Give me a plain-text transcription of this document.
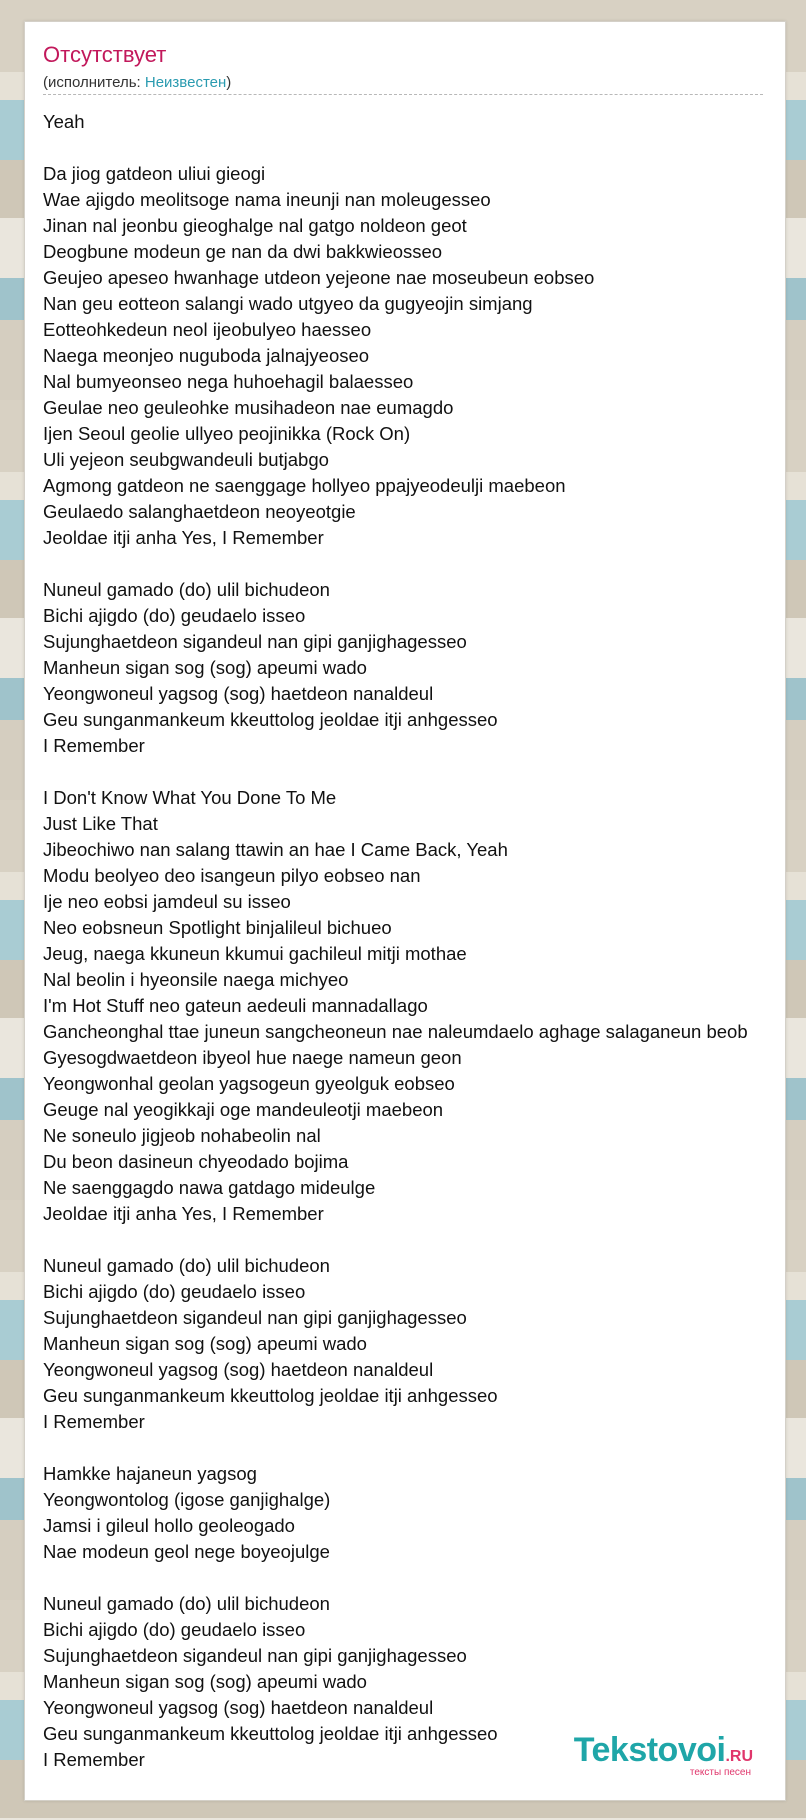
Отсутствует
(исполнитель: Неизвестен)
Yeah
Da jiog gatdeon uliui gieogi
Wae ajigdo meolitsoge nama ineunji nan moleugesseo
Jinan nal jeonbu gieoghalge nal gatgo noldeon geot
Deogbune modeun ge nan da dwi bakkwieosseo
Geujeo apeseo hwanhage utdeon yejeone nae moseubeun eobseo
Nan geu eotteon salangi wado utgyeo da gugyeojin simjang
Eotteohkedeun neol ijeobulyeo haesseo
Naega meonjeo nuguboda jalnajyeoseo
Nal bumyeonseo nega huhoehagil balaesseo
Geulae neo geuleohke musihadeon nae eumagdo
Ijen Seoul geolie ullyeo peojinikka (Rock On)
Uli yejeon seubgwandeuli butjabgo
Agmong gatdeon ne saenggage hollyeo ppajyeodeulji maebeon
Geulaedo salanghaetdeon neoyeotgie
Jeoldae itji anha Yes, I Remember
Nuneul gamado (do) ulil bichudeon
Bichi ajigdo (do) geudaelo isseo
Sujunghaetdeon sigandeul nan gipi ganjighagesseo
Manheun sigan sog (sog) apeumi wado
Yeongwoneul yagsog (sog) haetdeon nanaldeul
Geu sunganmankeum kkeuttolog jeoldae itji anhgesseo
I Remember
I Don't Know What You Done To Me
Just Like That
Jibeochiwo nan salang ttawin an hae I Came Back, Yeah
Modu beolyeo deo isangeun pilyo eobseo nan
Ije neo eobsi jamdeul su isseo
Neo eobsneun Spotlight binjalileul bichueo
Jeug, naega kkuneun kkumui gachileul mitji mothae
Nal beolin i hyeonsile naega michyeo
I'm Hot Stuff neo gateun aedeuli mannadallago
Gancheonghal ttae juneun sangcheoneun nae naleumdaelo aghage salaganeun beob
Gyesogdwaetdeon ibyeol hue naege nameun geon
Yeongwonhal geolan yagsogeun gyeolguk eobseo
Geuge nal yeogikkaji oge mandeuleotji maebeon
Ne soneulo jigjeob nohabeolin nal
Du beon dasineun chyeodado bojima
Ne saenggagdo nawa gatdago mideulge
Jeoldae itji anha Yes, I Remember
Nuneul gamado (do) ulil bichudeon
Bichi ajigdo (do) geudaelo isseo
Sujunghaetdeon sigandeul nan gipi ganjighagesseo
Manheun sigan sog (sog) apeumi wado
Yeongwoneul yagsog (sog) haetdeon nanaldeul
Geu sunganmankeum kkeuttolog jeoldae itji anhgesseo
I Remember
Hamkke hajaneun yagsog
Yeongwontolog (igose ganjighalge)
Jamsi i gileul hollo geoleogado
Nae modeun geol nege boyeojulge
Nuneul gamado (do) ulil bichudeon
Bichi ajigdo (do) geudaelo isseo
Sujunghaetdeon sigandeul nan gipi ganjighagesseo
Manheun sigan sog (sog) apeumi wado
Yeongwoneul yagsog (sog) haetdeon nanaldeul
Geu sunganmankeum kkeuttolog jeoldae itji anhgesseo
I Remember	Tekstovoi.RU
тексты песен
